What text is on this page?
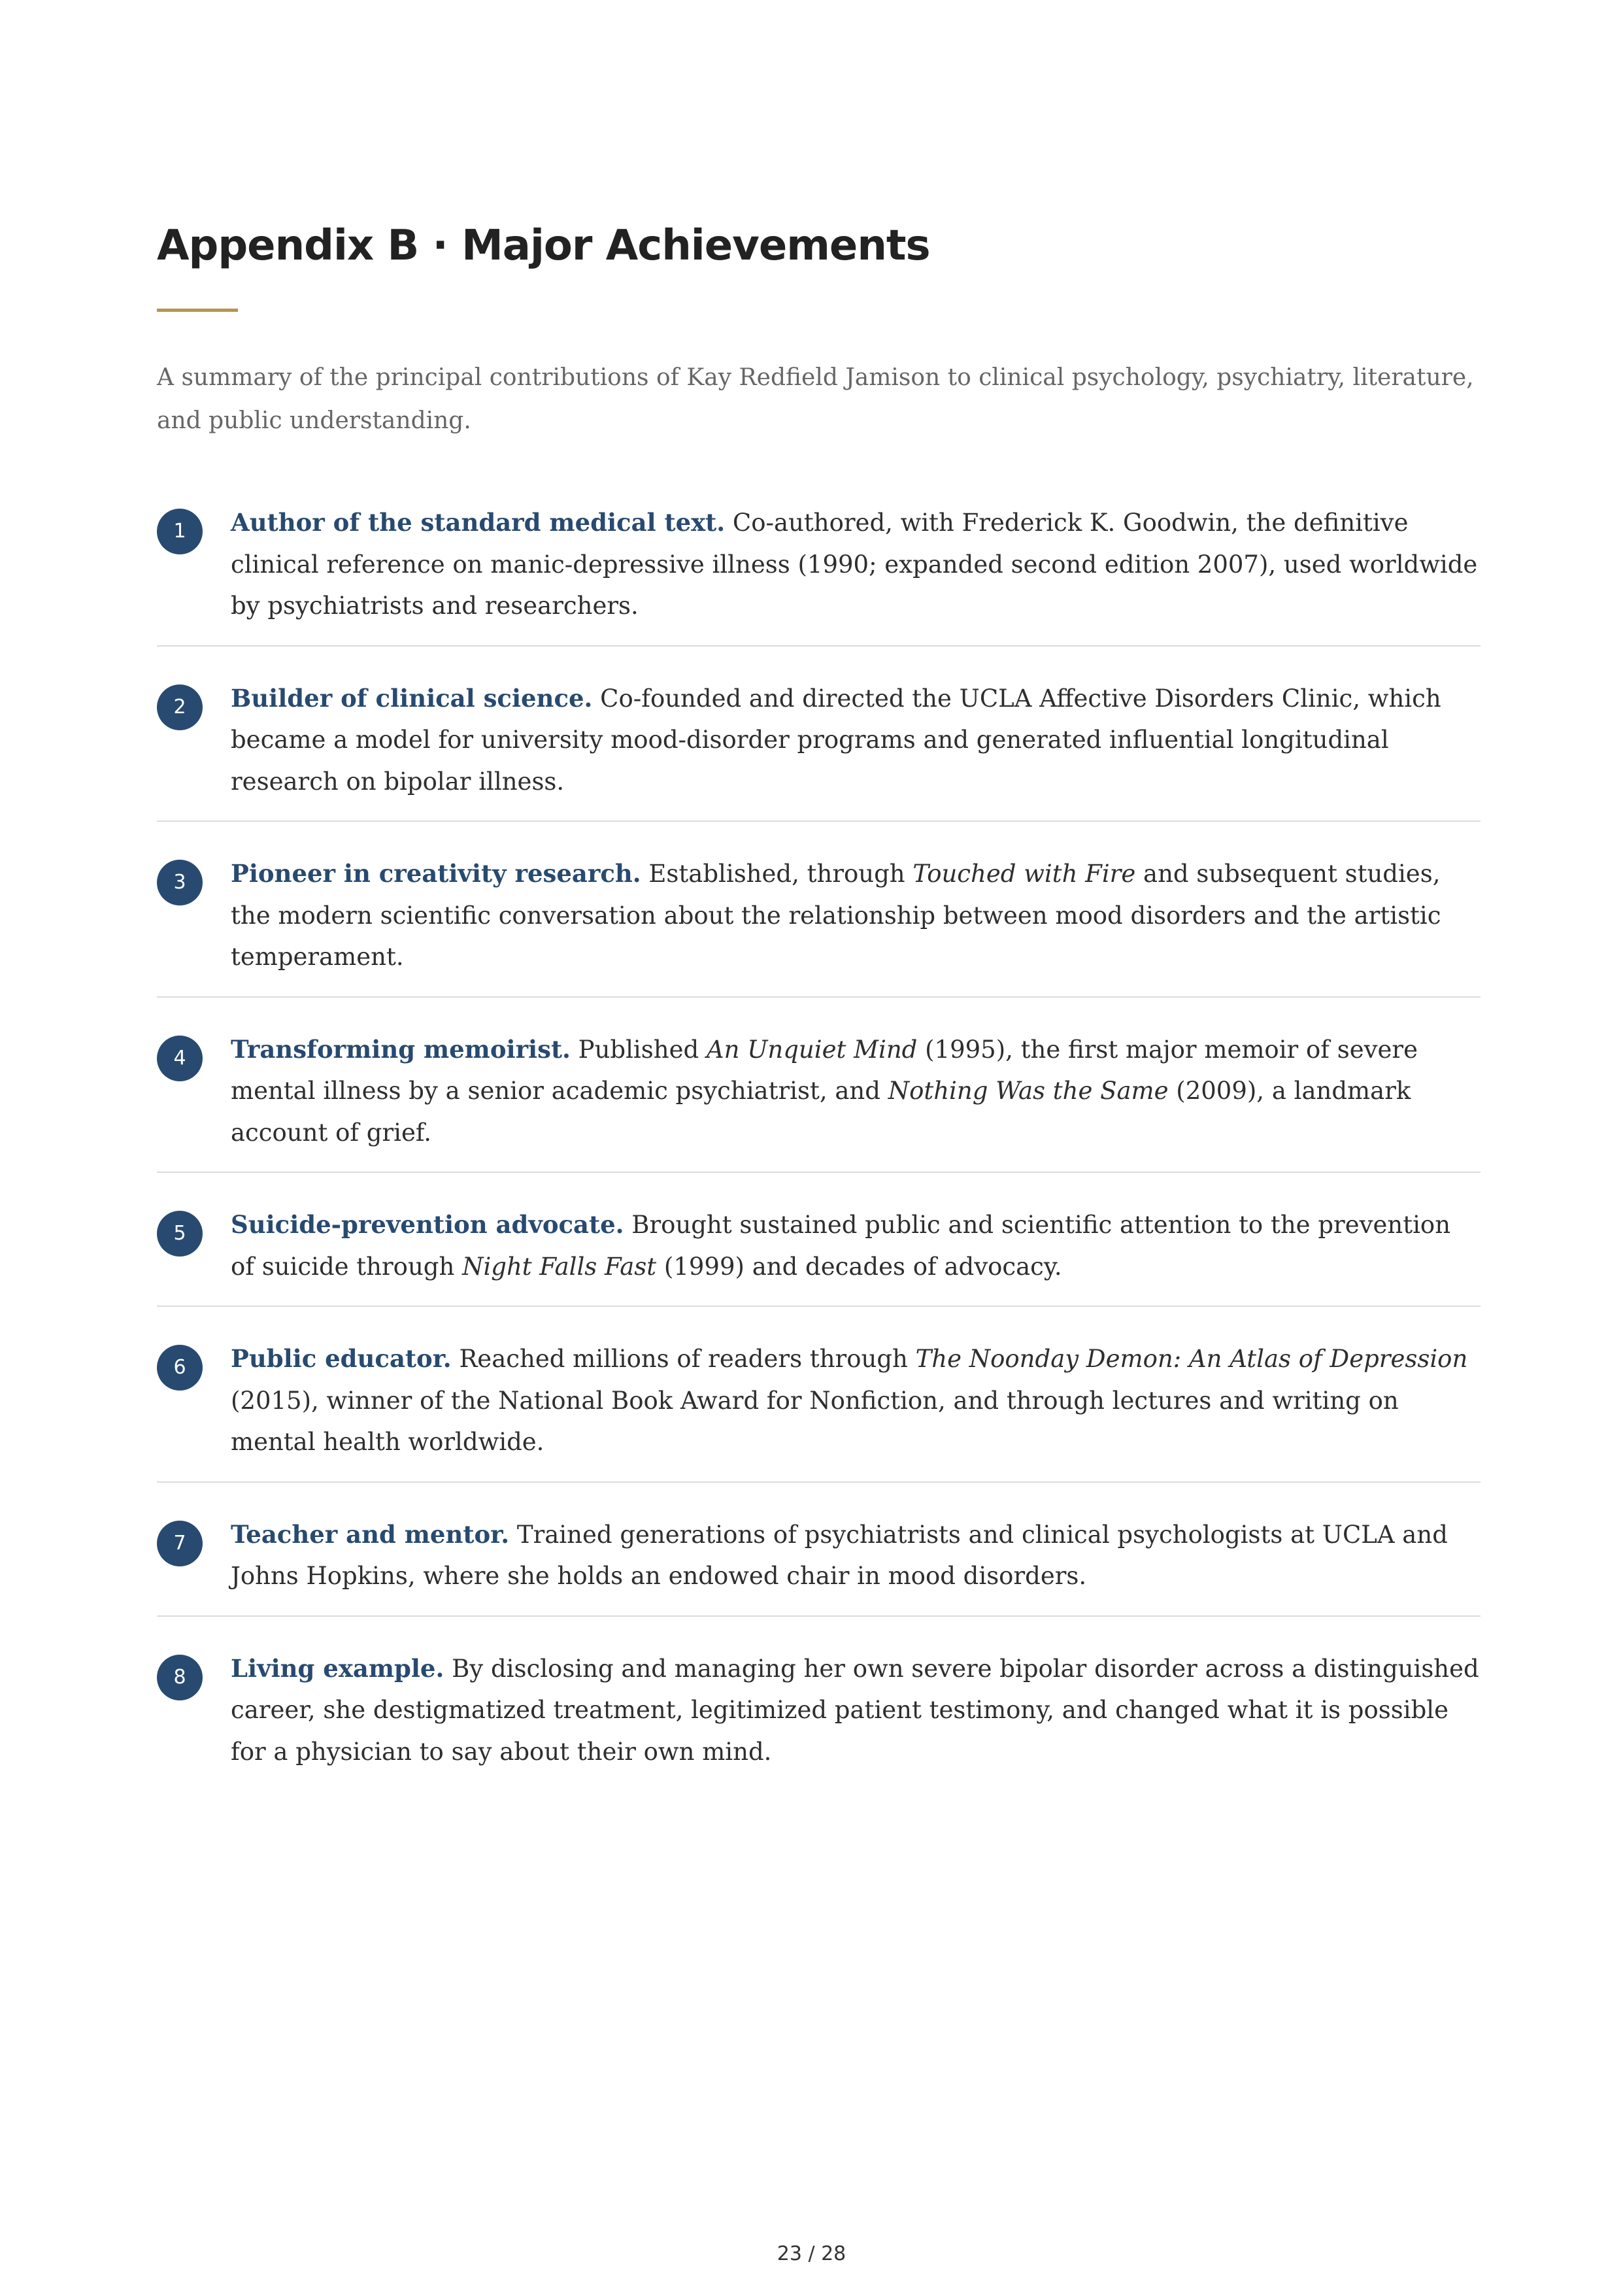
Appendix B · Major Achievements

A summary of the principal contributions of Kay Redfield Jamison to clinical psychology, psychiatry, literature, and public understanding.

1	Author of the standard medical text. Co-authored, with Frederick K. Goodwin, the definitive clinical reference on manic-depressive illness (1990; expanded second edition 2007), used worldwide by psychiatrists and researchers.
2	Builder of clinical science. Co-founded and directed the UCLA Affective Disorders Clinic, which became a model for university mood-disorder programs and generated influential longitudinal research on bipolar illness.
3	Pioneer in creativity research. Established, through Touched with Fire and subsequent studies, the modern scientific conversation about the relationship between mood disorders and the artistic temperament.
4	Transforming memoirist. Published An Unquiet Mind (1995), the first major memoir of severe mental illness by a senior academic psychiatrist, and Nothing Was the Same (2009), a landmark account of grief.
5	Suicide-prevention advocate. Brought sustained public and scientific attention to the prevention of suicide through Night Falls Fast (1999) and decades of advocacy.
6	Public educator. Reached millions of readers through The Noonday Demon: An Atlas of Depression (2015), winner of the National Book Award for Nonfiction, and through lectures and writing on mental health worldwide.
7	Teacher and mentor. Trained generations of psychiatrists and clinical psychologists at UCLA and Johns Hopkins, where she holds an endowed chair in mood disorders.
8	Living example. By disclosing and managing her own severe bipolar disorder across a distinguished career, she destigmatized treatment, legitimized patient testimony, and changed what it is possible for a physician to say about their own mind.
23 / 28
